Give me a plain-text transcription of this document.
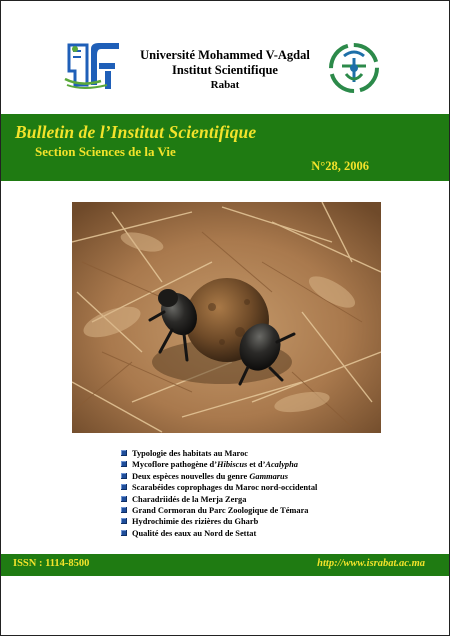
Université Mohammed V-Agdal
Institut Scientifique
Rabat
Bulletin de l’Institut Scientifique
Section Sciences de la Vie
N°28, 2006
Typologie des habitats au Maroc
Mycoflore pathogène d’Hibiscus et d’Acalypha
Deux espèces nouvelles du genre Gammarus
Scarabéides coprophages du Maroc nord-occidental
Charadriidés de la Merja Zerga
Grand Cormoran du Parc Zoologique de Témara
Hydrochimie des rizières du Gharb
Qualité des eaux au Nord de Settat
ISSN : 1114-8500	http://www.israbat.ac.ma
